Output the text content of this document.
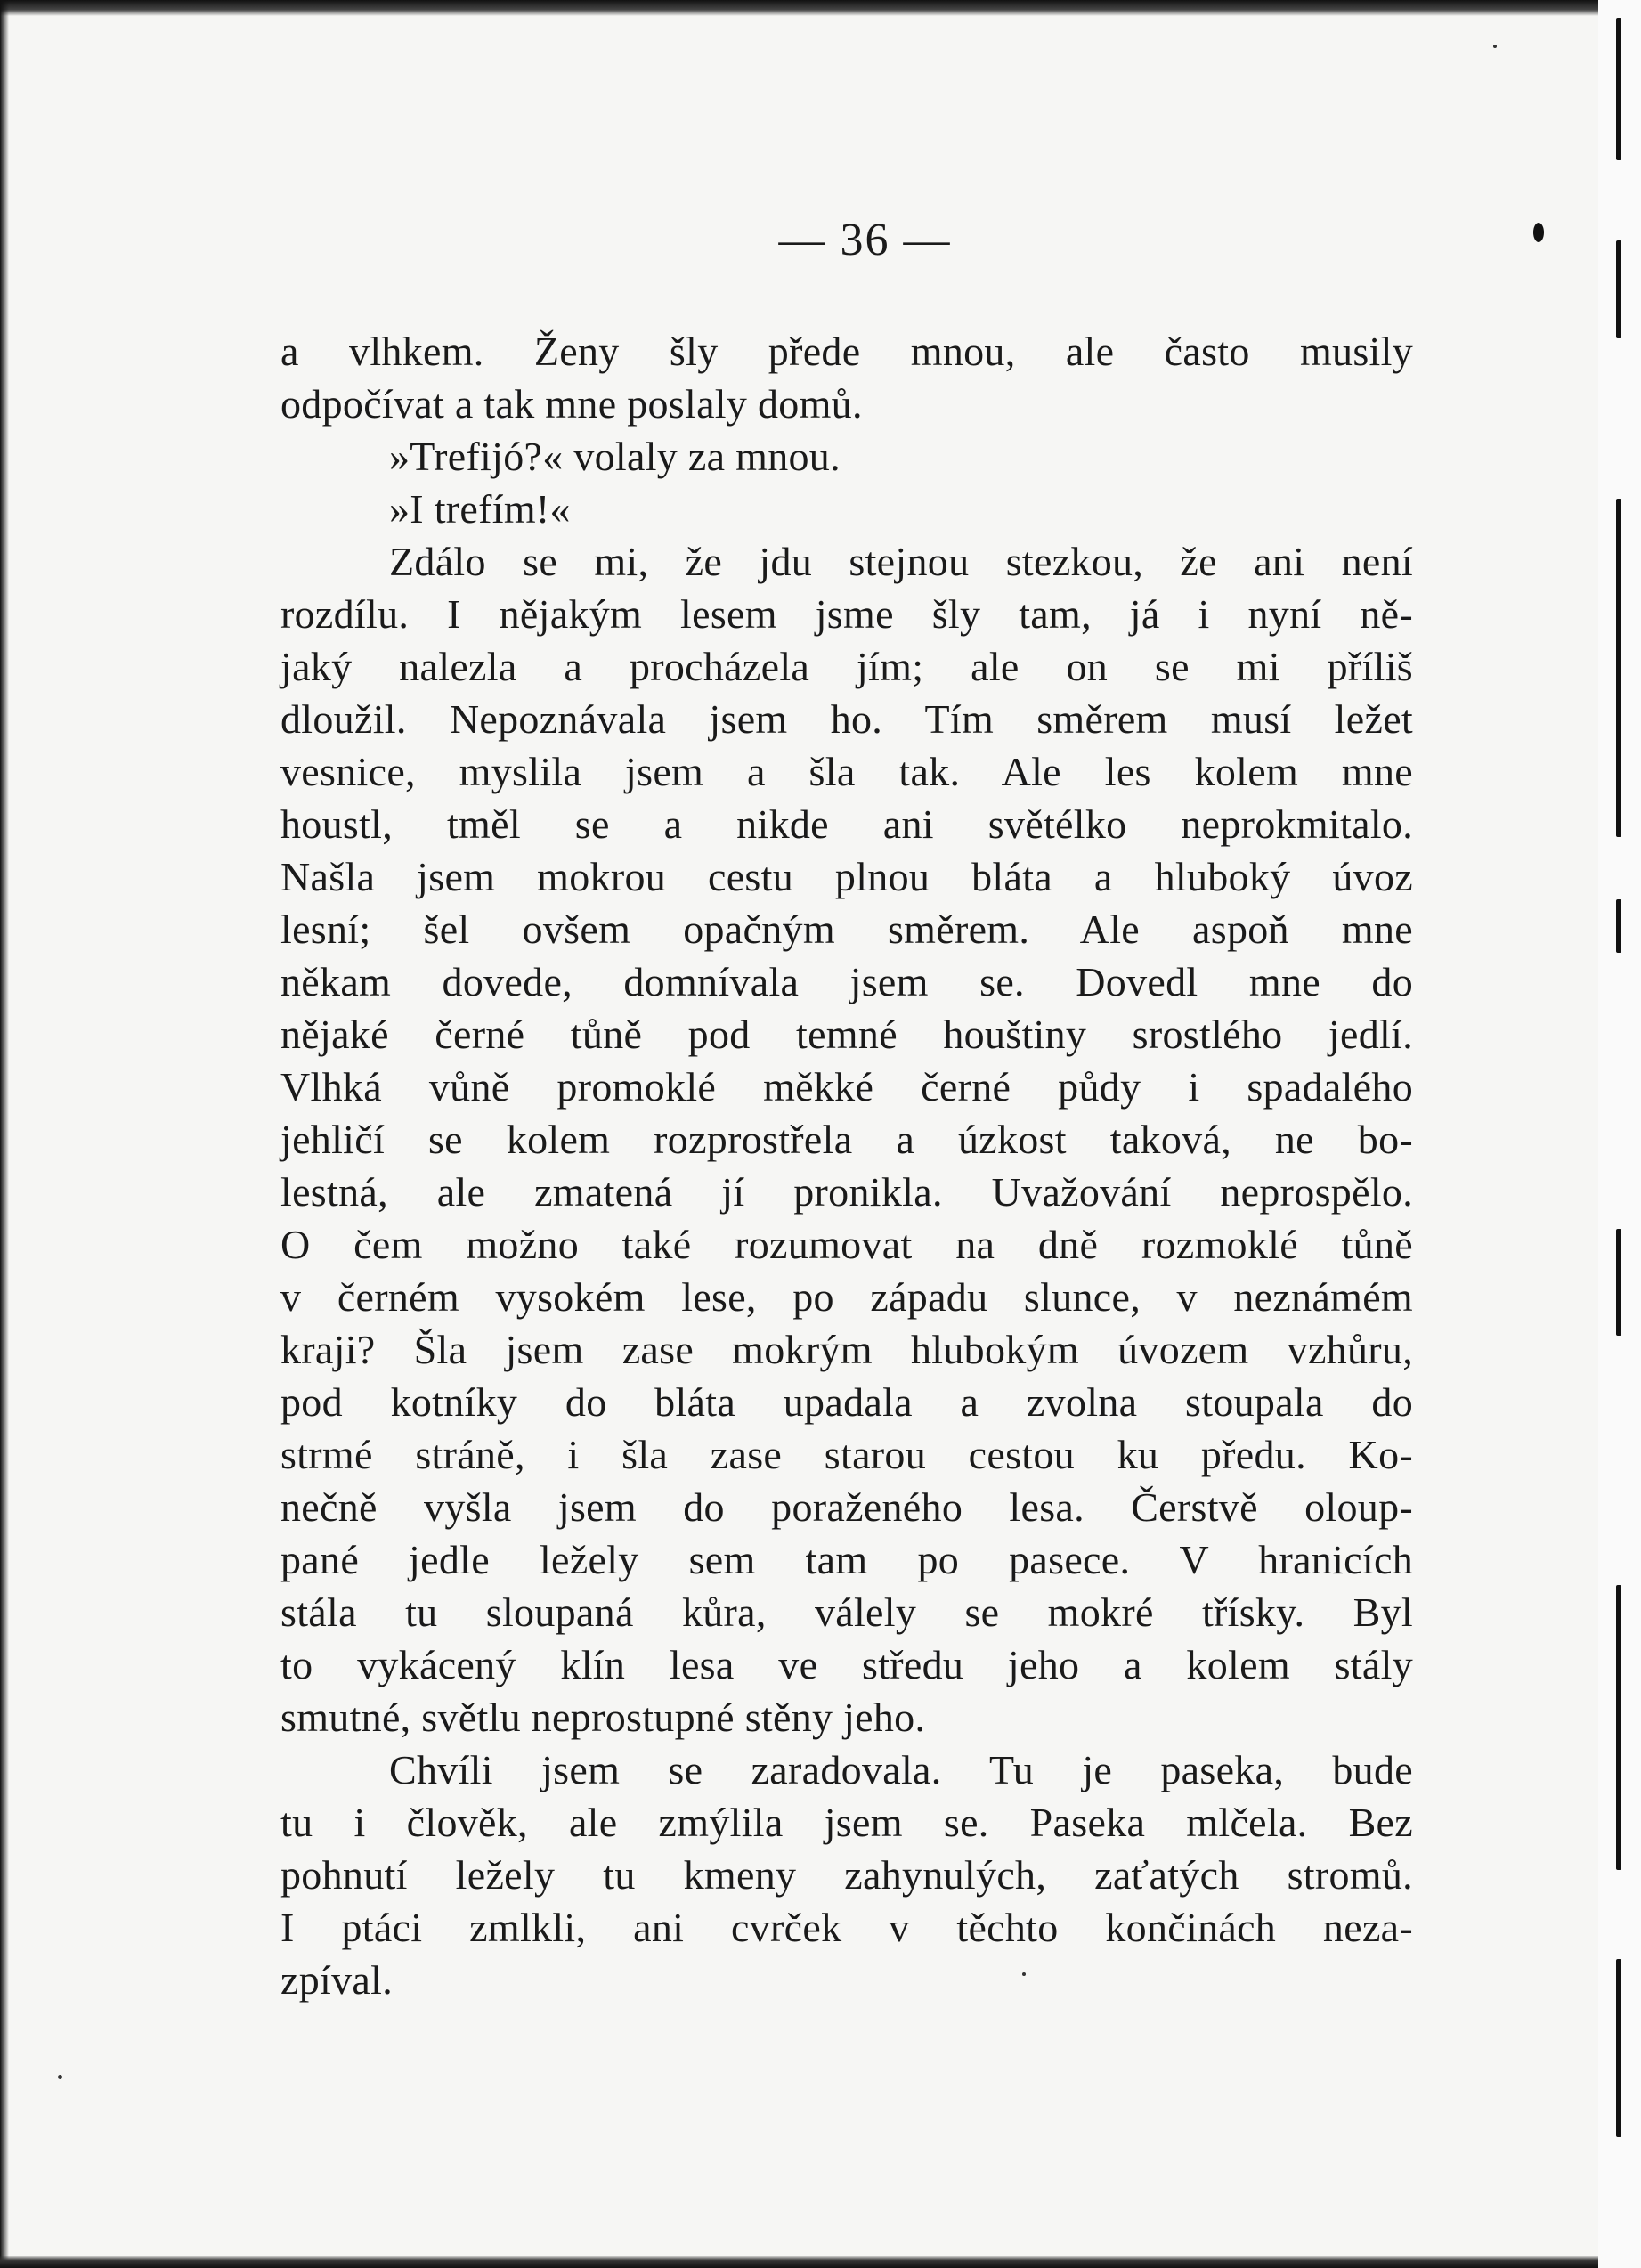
— 36 —
a vlhkem. Ženy šly přede mnou, ale často musily
odpočívat a tak mne poslaly domů.
»Trefijó?« volaly za mnou.
»I trefím!«
Zdálo se mi, že jdu stejnou stezkou, že ani není
rozdílu. I nějakým lesem jsme šly tam, já i nyní ně-
jaký nalezla a procházela jím; ale on se mi příliš
dloužil. Nepoznávala jsem ho. Tím směrem musí ležet
vesnice, myslila jsem a šla tak. Ale les kolem mne
houstl, tměl se a nikde ani světélko neprokmitalo.
Našla jsem mokrou cestu plnou bláta a hluboký úvoz
lesní; šel ovšem opačným směrem. Ale aspoň mne
někam dovede, domnívala jsem se. Dovedl mne do
nějaké černé tůně pod temné houštiny srostlého jedlí.
Vlhká vůně promoklé měkké černé půdy i spadalého
jehličí se kolem rozprostřela a úzkost taková, ne bo-
lestná, ale zmatená jí pronikla. Uvažování neprospělo.
O čem možno také rozumovat na dně rozmoklé tůně
v černém vysokém lese, po západu slunce, v neznámém
kraji? Šla jsem zase mokrým hlubokým úvozem vzhůru,
pod kotníky do bláta upadala a zvolna stoupala do
strmé stráně, i šla zase starou cestou ku předu. Ko-
nečně vyšla jsem do poraženého lesa. Čerstvě oloup-
pané jedle ležely sem tam po pasece. V hranicích
stála tu sloupaná kůra, válely se mokré třísky. Byl
to vykácený klín lesa ve středu jeho a kolem stály
smutné, světlu neprostupné stěny jeho.
Chvíli jsem se zaradovala. Tu je paseka, bude
tu i člověk, ale zmýlila jsem se. Paseka mlčela. Bez
pohnutí ležely tu kmeny zahynulých, zaťatých stromů.
I ptáci zmlkli, ani cvrček v těchto končinách neza-
zpíval.
